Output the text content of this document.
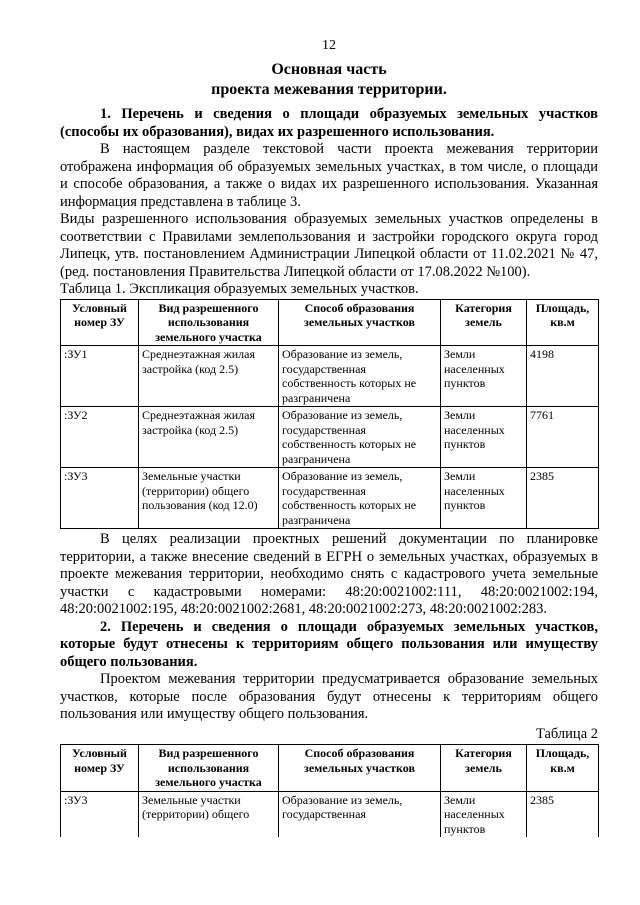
12
Основная часть
проекта межевания территории.

1. Перечень и сведения о площади образуемых земельных участков (способы их образования), видах их разрешенного использования.

В настоящем разделе текстовой части проекта межевания территории отображена информация об образуемых земельных участках, в том числе, о площади и способе образования, а также о видах их разрешенного использования. Указанная информация представлена в таблице 3.

Виды разрешенного использования образуемых земельных участков определены в соответствии с Правилами землепользования и застройки городского округа город Липецк, утв. постановлением Администрации Липецкой области от 11.02.2021 № 47, (ред. постановления Правительства Липецкой области от 17.08.2022 №100).

Таблица 1. Экспликация образуемых земельных участков.

Условный номер ЗУ	Вид разрешенного использования земельного участка	Способ образования земельных участков	Категория земель	Площадь, кв.м
:ЗУ1	Среднеэтажная жилая застройка (код 2.5)	Образование из земель, государственная собственность которых не разграничена	Земли населенных пунктов	4198
:ЗУ2	Среднеэтажная жилая застройка (код 2.5)	Образование из земель, государственная собственность которых не разграничена	Земли населенных пунктов	7761
:ЗУ3	Земельные участки (территории) общего пользования (код 12.0)	Образование из земель, государственная собственность которых не разграничена	Земли населенных пунктов	2385

В целях реализации проектных решений документации по планировке территории, а также внесение сведений в ЕГРН о земельных участках, образуемых в проекте межевания территории, необходимо снять с кадастрового учета земельные участки с кадастровыми номерами: 48:20:0021002:111, 48:20:0021002:194, 48:20:0021002:195, 48:20:0021002:2681, 48:20:0021002:273, 48:20:0021002:283.

2. Перечень и сведения о площади образуемых земельных участков, которые будут отнесены к территориям общего пользования или имуществу общего пользования.

Проектом межевания территории предусматривается образование земельных участков, которые после образования будут отнесены к территориям общего пользования или имуществу общего пользования.

Таблица 2
Условный номер ЗУ	Вид разрешенного использования земельного участка	Способ образования земельных участков	Категория земель	Площадь, кв.м
:ЗУ3	Земельные участки (территории) общего	Образование из земель, государственная	Земли населенных пунктов	2385
